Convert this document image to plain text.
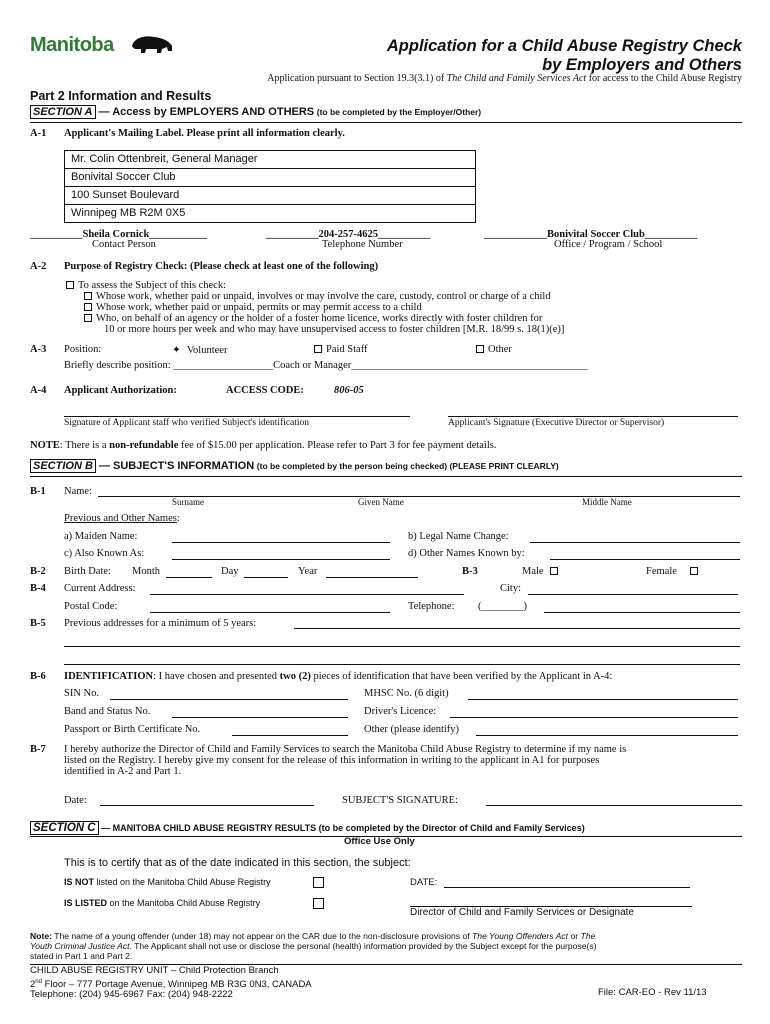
Manitoba	Application for a Child Abuse Registry Check
by Employers and Others
Application pursuant to Section 19.3(3.1) of The Child and Family Services Act for access to the Child Abuse Registry
Part 2 Information and Results
SECTION A — Access by EMPLOYERS AND OTHERS (to be completed by the Employer/Other)
A-1 Applicant's Mailing Label. Please print all information clearly.
Mr. Colin Ottenbreit, General Manager
Bonivital Soccer Club
100 Sunset Boulevard
Winnipeg MB R2M 0X5
__________Sheila Cornick___________
Contact Person
__________204-257-4625__________
Telephone Number
____________Bonivital Soccer Club__________
Office / Program / School
A-2 Purpose of Registry Check: (Please check at least one of the following)
To assess the Subject of this check:
Whose work, whether paid or unpaid, involves or may involve the care, custody, control or charge of a child
Whose work, whether paid or unpaid, permits or may permit access to a child
Who, on behalf of an agency or the holder of a foster home licence, works directly with foster children for
10 or more hours per week and who may have unsupervised access to foster children [M.R. 18/99 s. 18(1)(e)]
A-3 Position:	✦ Volunteer	Paid Staff	Other
Briefly describe position: ___________________Coach or Manager_____________________________________________
A-4 Applicant Authorization:	ACCESS CODE:	806-05
Signature of Applicant staff who verified Subject's identification	Applicant's Signature (Executive Director or Supervisor)
NOTE: There is a non-refundable fee of $15.00 per application. Please refer to Part 3 for fee payment details.
SECTION B — SUBJECT'S INFORMATION (to be completed by the person being checked) (PLEASE PRINT CLEARLY)
B-1 Name:
Surname	Given Name	Middle Name
Previous and Other Names:
a) Maiden Name:	b) Legal Name Change:
c) Also Known As:	d) Other Names Known by:
B-2 Birth Date: Month	Day	Year	B-3	Male	Female
B-4 Current Address:	City:
Postal Code:	Telephone: (________)
B-5 Previous addresses for a minimum of 5 years:
B-6 IDENTIFICATION: I have chosen and presented two (2) pieces of identification that have been verified by the Applicant in A-4:
SIN No.	MHSC No. (6 digit)
Band and Status No.	Driver's Licence:
Passport or Birth Certificate No.	Other (please identify)
B-7 I hereby authorize the Director of Child and Family Services to search the Manitoba Child Abuse Registry to determine if my name is
listed on the Registry. I hereby give my consent for the release of this information in writing to the applicant in A1 for purposes
identified in A-2 and Part 1.
Date:	SUBJECT'S SIGNATURE:
SECTION C — MANITOBA CHILD ABUSE REGISTRY RESULTS (to be completed by the Director of Child and Family Services)
Office Use Only
This is to certify that as of the date indicated in this section, the subject:
IS NOT listed on the Manitoba Child Abuse Registry	DATE:
IS LISTED on the Manitoba Child Abuse Registry
Director of Child and Family Services or Designate
Note: The name of a young offender (under 18) may not appear on the CAR due to the non-disclosure provisions of The Young Offenders Act or The
Youth Criminal Justice Act. The Applicant shall not use or disclose the personal (health) information provided by the Subject except for the purpose(s)
stated in Part 1 and Part 2.
CHILD ABUSE REGISTRY UNIT – Child Protection Branch
2nd Floor – 777 Portage Avenue, Winnipeg MB R3G 0N3, CANADA
Telephone: (204) 945-6967 Fax: (204) 948-2222	File: CAR-EO - Rev 11/13
